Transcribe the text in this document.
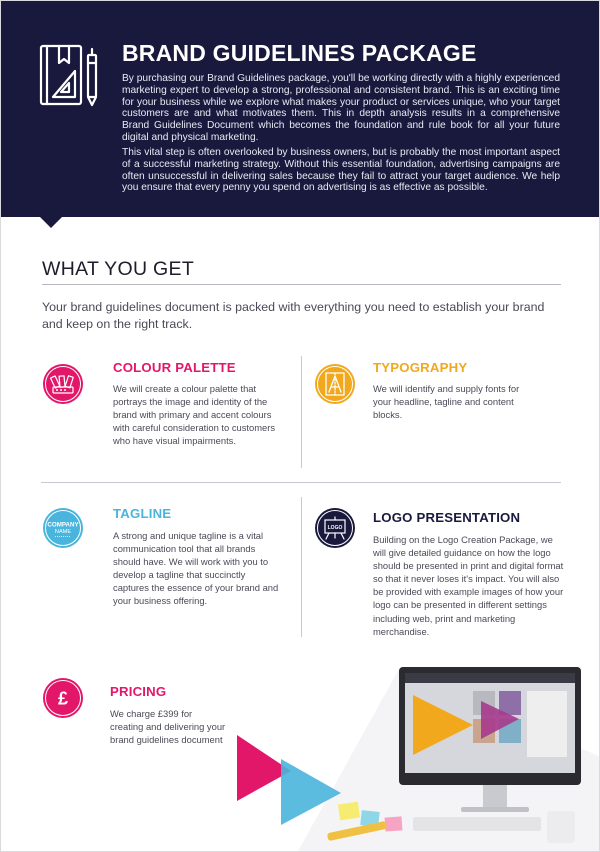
BRAND GUIDELINES PACKAGE

By purchasing our Brand Guidelines package, you'll be working directly with a highly experienced marketing expert to develop a strong, professional and consistent brand. This is an exciting time for your business while we explore what makes your product or services unique, who your target customers are and what motivates them. This in depth analysis results in a comprehensive Brand Guidelines Document which becomes the foundation and rule book for all your future digital and physical marketing.

This vital step is often overlooked by business owners, but is probably the most important aspect of a successful marketing strategy. Without this essential foundation, advertising campaigns are often unsuccessful in delivering sales because they fail to attract your target audience. We help you ensure that every penny you spend on advertising is as effective as possible.

WHAT YOU GET

Your brand guidelines document is packed with everything you need to establish your brand and keep on the right track.

COLOUR PALETTE

We will create a colour palette that portrays the image and identity of the brand with primary and accent colours with careful consideration to customers who have visual impairments.

TYPOGRAPHY

We will identify and supply fonts for your headline, tagline and content blocks.

COMPANY
NAME
TAGLINE

A strong and unique tagline is a vital communication tool that all brands should have. We will work with you to develop a tagline that succinctly captures the essence of your brand and your business offering.

LOGO
LOGO PRESENTATION

Building on the Logo Creation Package, we will give detailed guidance on how the logo should be presented in print and digital format so that it never loses it's impact. You will also be provided with example images of how your logo can be presented in different settings including web, print and marketing merchandise.

£	PRICING

We charge £399 for creating and delivering your brand guidelines document
